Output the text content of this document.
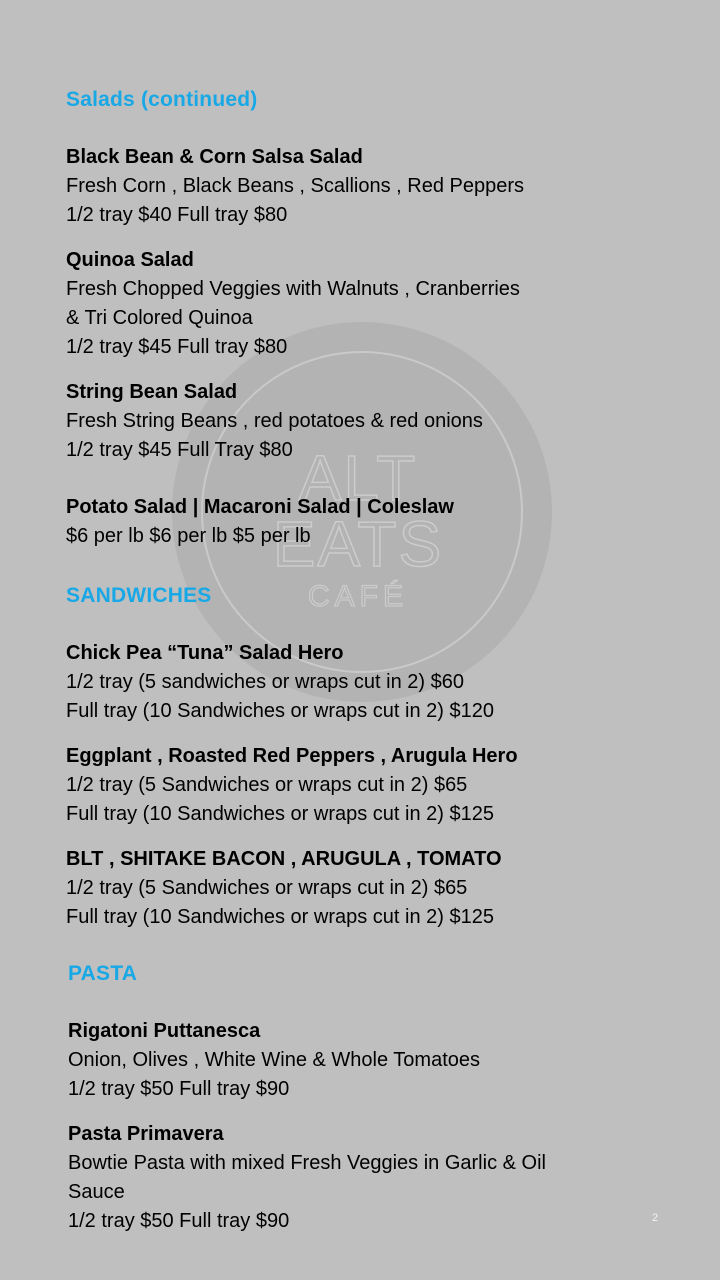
ALT
EATS
CAFÉ
Salads (continued)
Black Bean & Corn Salsa Salad
Fresh Corn , Black Beans , Scallions , Red Peppers
1/2 tray $40 Full tray $80
Quinoa Salad
Fresh Chopped Veggies with Walnuts , Cranberries
& Tri Colored Quinoa
1/2 tray $45 Full tray $80
String Bean Salad
Fresh String Beans , red potatoes & red onions
1/2 tray $45 Full Tray $80
Potato Salad | Macaroni Salad | Coleslaw
$6 per lb $6 per lb $5 per lb
SANDWICHES
Chick Pea “Tuna” Salad Hero
1/2 tray (5 sandwiches or wraps cut in 2) $60
Full tray (10 Sandwiches or wraps cut in 2) $120
Eggplant , Roasted Red Peppers , Arugula Hero
1/2 tray (5 Sandwiches or wraps cut in 2) $65
Full tray (10 Sandwiches or wraps cut in 2) $125
BLT , SHITAKE BACON , ARUGULA , TOMATO
1/2 tray (5 Sandwiches or wraps cut in 2) $65
Full tray (10 Sandwiches or wraps cut in 2) $125
PASTA
Rigatoni Puttanesca
Onion, Olives , White Wine & Whole Tomatoes
1/2 tray $50 Full tray $90
Pasta Primavera
Bowtie Pasta with mixed Fresh Veggies in Garlic & Oil
Sauce
1/2 tray $50 Full tray $90	2
